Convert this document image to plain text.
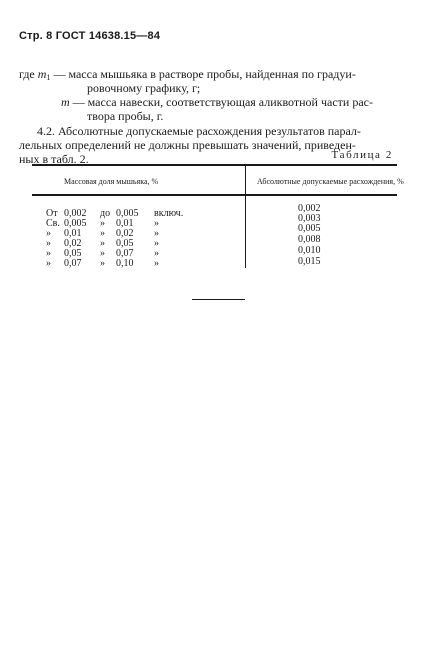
Стр. 8 ГОСТ 14638.15—84
где $m_1$ — масса мышьяка в растворе пробы, найденная по градуи-
ровочному графику, г;
m — масса навески, соответствующая аликвотной части рас-
твора пробы, г.
4.2. Абсолютные допускаемые расхождения результатов парал-
лельных определений не должны превышать значений, приведен-
ных в табл. 2.	Таблица 2
Массовая доля мышьяка, %	Абсолютные допускаемые расхождения, %
От 0,002 до 0,005 включ.
Св. 0,005 » 0,01 »
» 0,01 » 0,02 »
» 0,02 » 0,05 »
» 0,05 » 0,07 »
» 0,07 » 0,10 »
0,002
0,003
0,005
0,008
0,010
0,015
